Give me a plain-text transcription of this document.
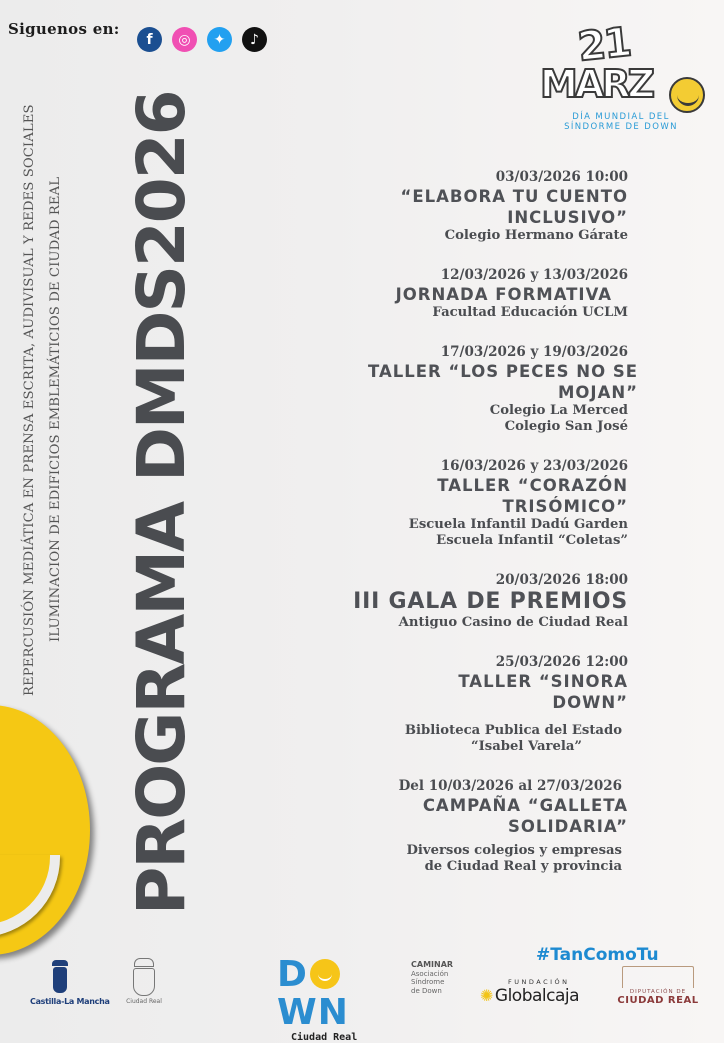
Siguenos en:
f	◎	✦	♪	21
MARZ
DÍA MUNDIAL DEL
SÍNDORME DE DOWN
REPERCUSIÓN MEDIÁTICA EN PRENSA ESCRITA, AUDIVISUAL Y REDES SOCIALES ILUMINACION DE EDIFICIOS EMBLEMÁTICIOS DE CIUDAD REAL PROGRAMA DMDS2026	03/03/2026 10:00
“ELABORA TU CUENTO
INCLUSIVO”
Colegio Hermano Gárate
12/03/2026 y 13/03/2026
JORNADA FORMATIVA
Facultad Educación UCLM
17/03/2026 y 19/03/2026
TALLER “LOS PECES NO SE
MOJAN”
Colegio La Merced
Colegio San José
16/03/2026 y 23/03/2026
TALLER “CORAZÓN
TRISÓMICO”
Escuela Infantil Dadú Garden
Escuela Infantil “Coletas”
20/03/2026 18:00
III GALA DE PREMIOS
Antiguo Casino de Ciudad Real
25/03/2026 12:00
TALLER “SINORA
DOWN”
Biblioteca Publica del Estado
“Isabel Varela”
Del 10/03/2026 al 27/03/2026
CAMPAÑA “GALLETA
SOLIDARIA”
Diversos colegios y empresas
de Ciudad Real y provincia
#TanComoTu
Castilla-La Mancha	Ciudad Real
DWN
Ciudad Real
CAMINAR
Asociación
Síndrome
de Down
FUNDACIÓN
✺ Globalcaja	DIPUTACIÓN DE
CIUDAD REAL
